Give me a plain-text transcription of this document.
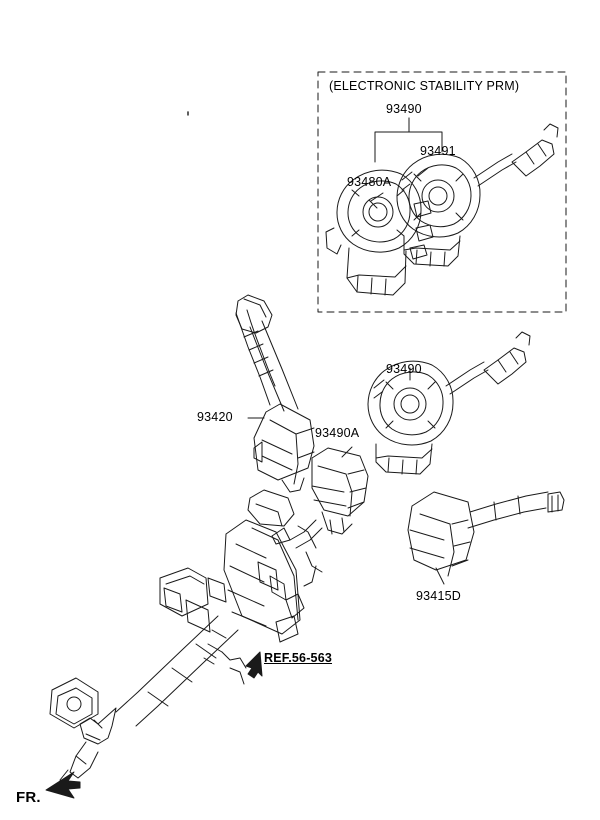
(ELECTRONIC STABILITY PRM)
93490
93491
93480A
93420
93490
93490A
93415D
REF.56-563
FR.
